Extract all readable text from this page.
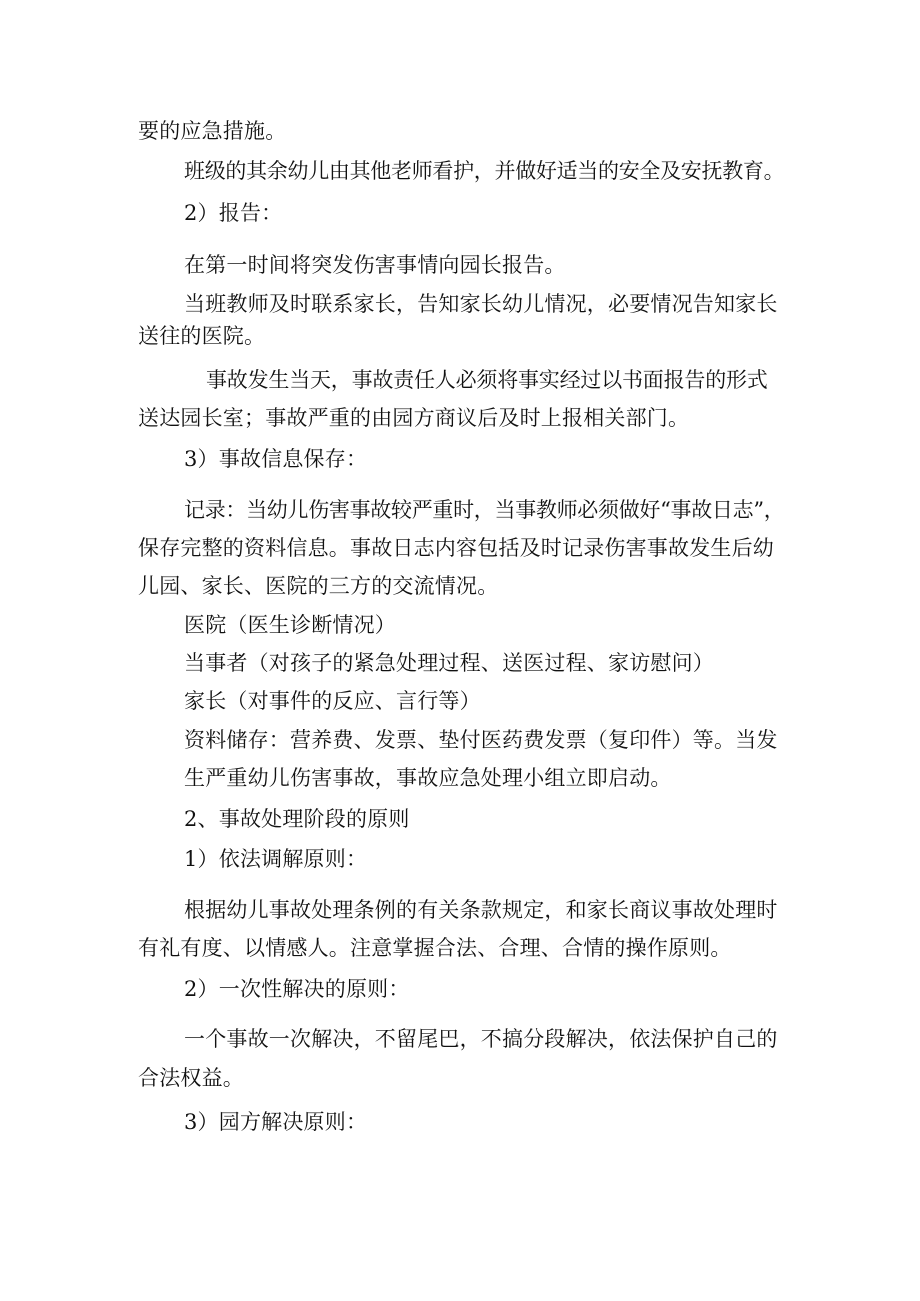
要的应急措施。
班级的其余幼儿由其他老师看护，并做好适当的安全及安抚教育。
2）报告：
在第一时间将突发伤害事情向园长报告。
当班教师及时联系家长，告知家长幼儿情况，必要情况告知家长
送往的医院。
事故发生当天，事故责任人必须将事实经过以书面报告的形式
送达园长室；事故严重的由园方商议后及时上报相关部门。
3）事故信息保存：
记录：当幼儿伤害事故较严重时，当事教师必须做好“事故日志”，
保存完整的资料信息。事故日志内容包括及时记录伤害事故发生后幼
儿园、家长、医院的三方的交流情况。
医院（医生诊断情况）
当事者（对孩子的紧急处理过程、送医过程、家访慰问）
家长（对事件的反应、言行等）
资料储存：营养费、发票、垫付医药费发票（复印件）等。当发
生严重幼儿伤害事故，事故应急处理小组立即启动。
2、事故处理阶段的原则
1）依法调解原则：
根据幼儿事故处理条例的有关条款规定，和家长商议事故处理时
有礼有度、以情感人。注意掌握合法、合理、合情的操作原则。
2）一次性解决的原则：
一个事故一次解决，不留尾巴，不搞分段解决，依法保护自己的
合法权益。
3）园方解决原则：
